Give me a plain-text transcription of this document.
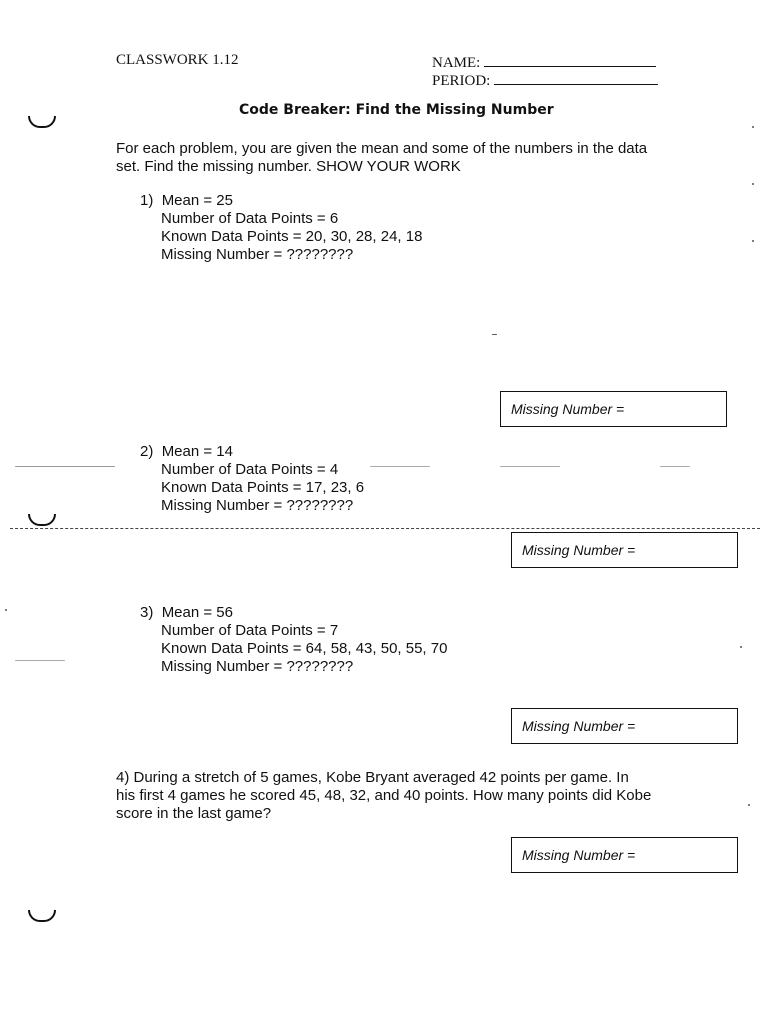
CLASSWORK 1.12	NAME:
PERIOD:
Code Breaker: Find the Missing Number
For each problem, you are given the mean and some of the numbers in the data
set. Find the missing number. SHOW YOUR WORK
1) Mean = 25
Number of Data Points = 6
Known Data Points = 20, 30, 28, 24, 18
Missing Number = ????????
Missing Number =
2) Mean = 14
Number of Data Points = 4
Known Data Points = 17, 23, 6
Missing Number = ????????
Missing Number =
3) Mean = 56
Number of Data Points = 7
Known Data Points = 64, 58, 43, 50, 55, 70
Missing Number = ????????
Missing Number =
4) During a stretch of 5 games, Kobe Bryant averaged 42 points per game. In
his first 4 games he scored 45, 48, 32, and 40 points. How many points did Kobe
score in the last game?
Missing Number =
